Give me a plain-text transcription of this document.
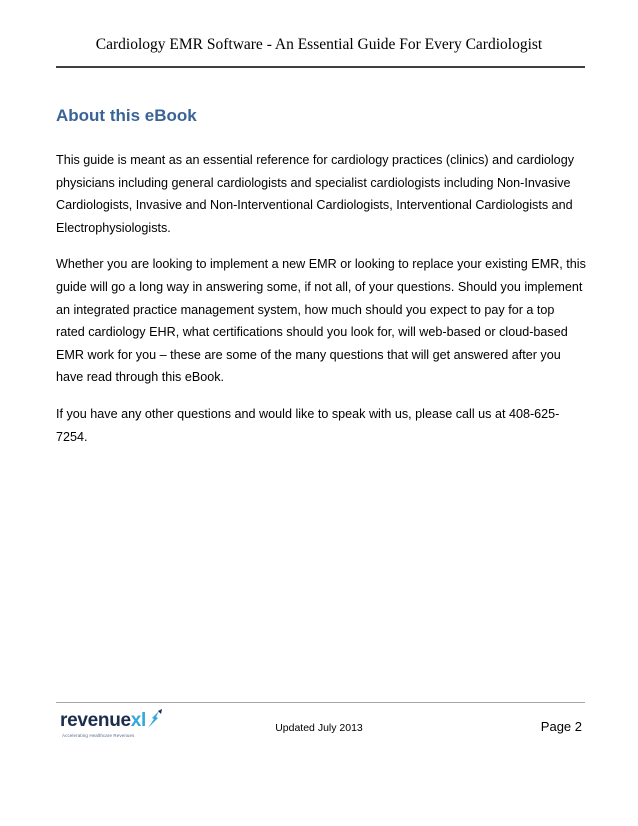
Cardiology EMR Software - An Essential Guide For Every Cardiologist
About this eBook

This guide is meant as an essential reference for cardiology practices (clinics) and cardiology physicians including general cardiologists and specialist cardiologists including Non-Invasive Cardiologists, Invasive and Non-Interventional Cardiologists, Interventional Cardiologists and Electrophysiologists.

Whether you are looking to implement a new EMR or looking to replace your existing EMR, this guide will go a long way in answering some, if not all, of your questions. Should you implement an integrated practice management system, how much should you expect to pay for a top rated cardiology EHR, what certifications should you look for, will web-based or cloud-based EMR work for you – these are some of the many questions that will get answered after you have read through this eBook.

If you have any other questions and would like to speak with us, please call us at 408-625-7254.

revenuexl
Accelerating Healthcare Revenues
Updated July 2013	Page 2
